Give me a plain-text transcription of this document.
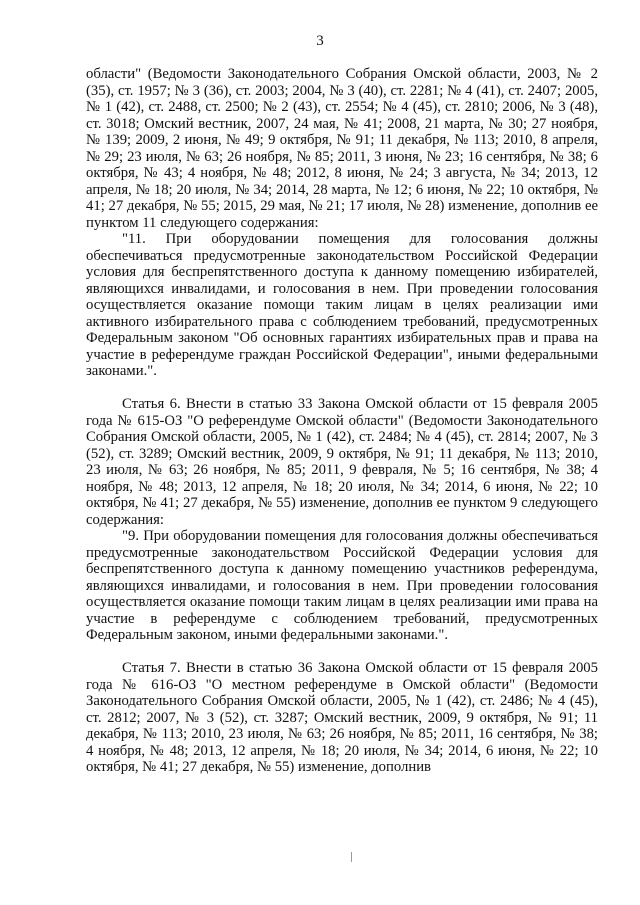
3

области" (Ведомости Законодательного Собрания Омской области, 2003, № 2 (35), ст. 1957; № 3 (36), ст. 2003; 2004, № 3 (40), ст. 2281; № 4 (41), ст. 2407; 2005, № 1 (42), ст. 2488, ст. 2500; № 2 (43), ст. 2554; № 4 (45), ст. 2810; 2006, № 3 (48), ст. 3018; Омский вестник, 2007, 24 мая, № 41; 2008, 21 марта, № 30; 27 ноября, № 139; 2009, 2 июня, № 49; 9 октября, № 91; 11 декабря, № 113; 2010, 8 апреля, № 29; 23 июля, № 63; 26 ноября, № 85; 2011, 3 июня, № 23; 16 сентября, № 38; 6 октября, № 43; 4 ноября, № 48; 2012, 8 июня, № 24; 3 августа, № 34; 2013, 12 апреля, № 18; 20 июля, № 34; 2014, 28 марта, № 12; 6 июня, № 22; 10 октября, № 41; 27 декабря, № 55; 2015, 29 мая, № 21; 17 июля, № 28) изменение, дополнив ее пунктом 11 следующего содержания:

"11. При оборудовании помещения для голосования должны обеспечиваться предусмотренные законодательством Российской Федерации условия для беспрепятственного доступа к данному помещению избирателей, являющихся инвалидами, и голосования в нем. При проведении голосования осуществляется оказание помощи таким лицам в целях реализации ими активного избирательного права с соблюдением требований, предусмотренных Федеральным законом "Об основных гарантиях избирательных прав и права на участие в референдуме граждан Российской Федерации", иными федеральными законами.".

Статья 6. Внести в статью 33 Закона Омской области от 15 февраля 2005 года № 615-ОЗ "О референдуме Омской области" (Ведомости Законодательного Собрания Омской области, 2005, № 1 (42), ст. 2484; № 4 (45), ст. 2814; 2007, № 3 (52), ст. 3289; Омский вестник, 2009, 9 октября, № 91; 11 декабря, № 113; 2010, 23 июля, № 63; 26 ноября, № 85; 2011, 9 февраля, № 5; 16 сентября, № 38; 4 ноября, № 48; 2013, 12 апреля, № 18; 20 июля, № 34; 2014, 6 июня, № 22; 10 октября, № 41; 27 декабря, № 55) изменение, дополнив ее пунктом 9 следующего содержания:

"9. При оборудовании помещения для голосования должны обеспечиваться предусмотренные законодательством Российской Федерации условия для беспрепятственного доступа к данному помещению участников референдума, являющихся инвалидами, и голосования в нем. При проведении голосования осуществляется оказание помощи таким лицам в целях реализации ими права на участие в референдуме с соблюдением требований, предусмотренных Федеральным законом, иными федеральными законами.".

Статья 7. Внести в статью 36 Закона Омской области от 15 февраля 2005 года № 616-ОЗ "О местном референдуме в Омской области" (Ведомости Законодательного Собрания Омской области, 2005, № 1 (42), ст. 2486; № 4 (45), ст. 2812; 2007, № 3 (52), ст. 3287; Омский вестник, 2009, 9 октября, № 91; 11 декабря, № 113; 2010, 23 июля, № 63; 26 ноября, № 85; 2011, 16 сентября, № 38; 4 ноября, № 48; 2013, 12 апреля, № 18; 20 июля, № 34; 2014, 6 июня, № 22; 10 октября, № 41; 27 декабря, № 55) изменение, дополнив
